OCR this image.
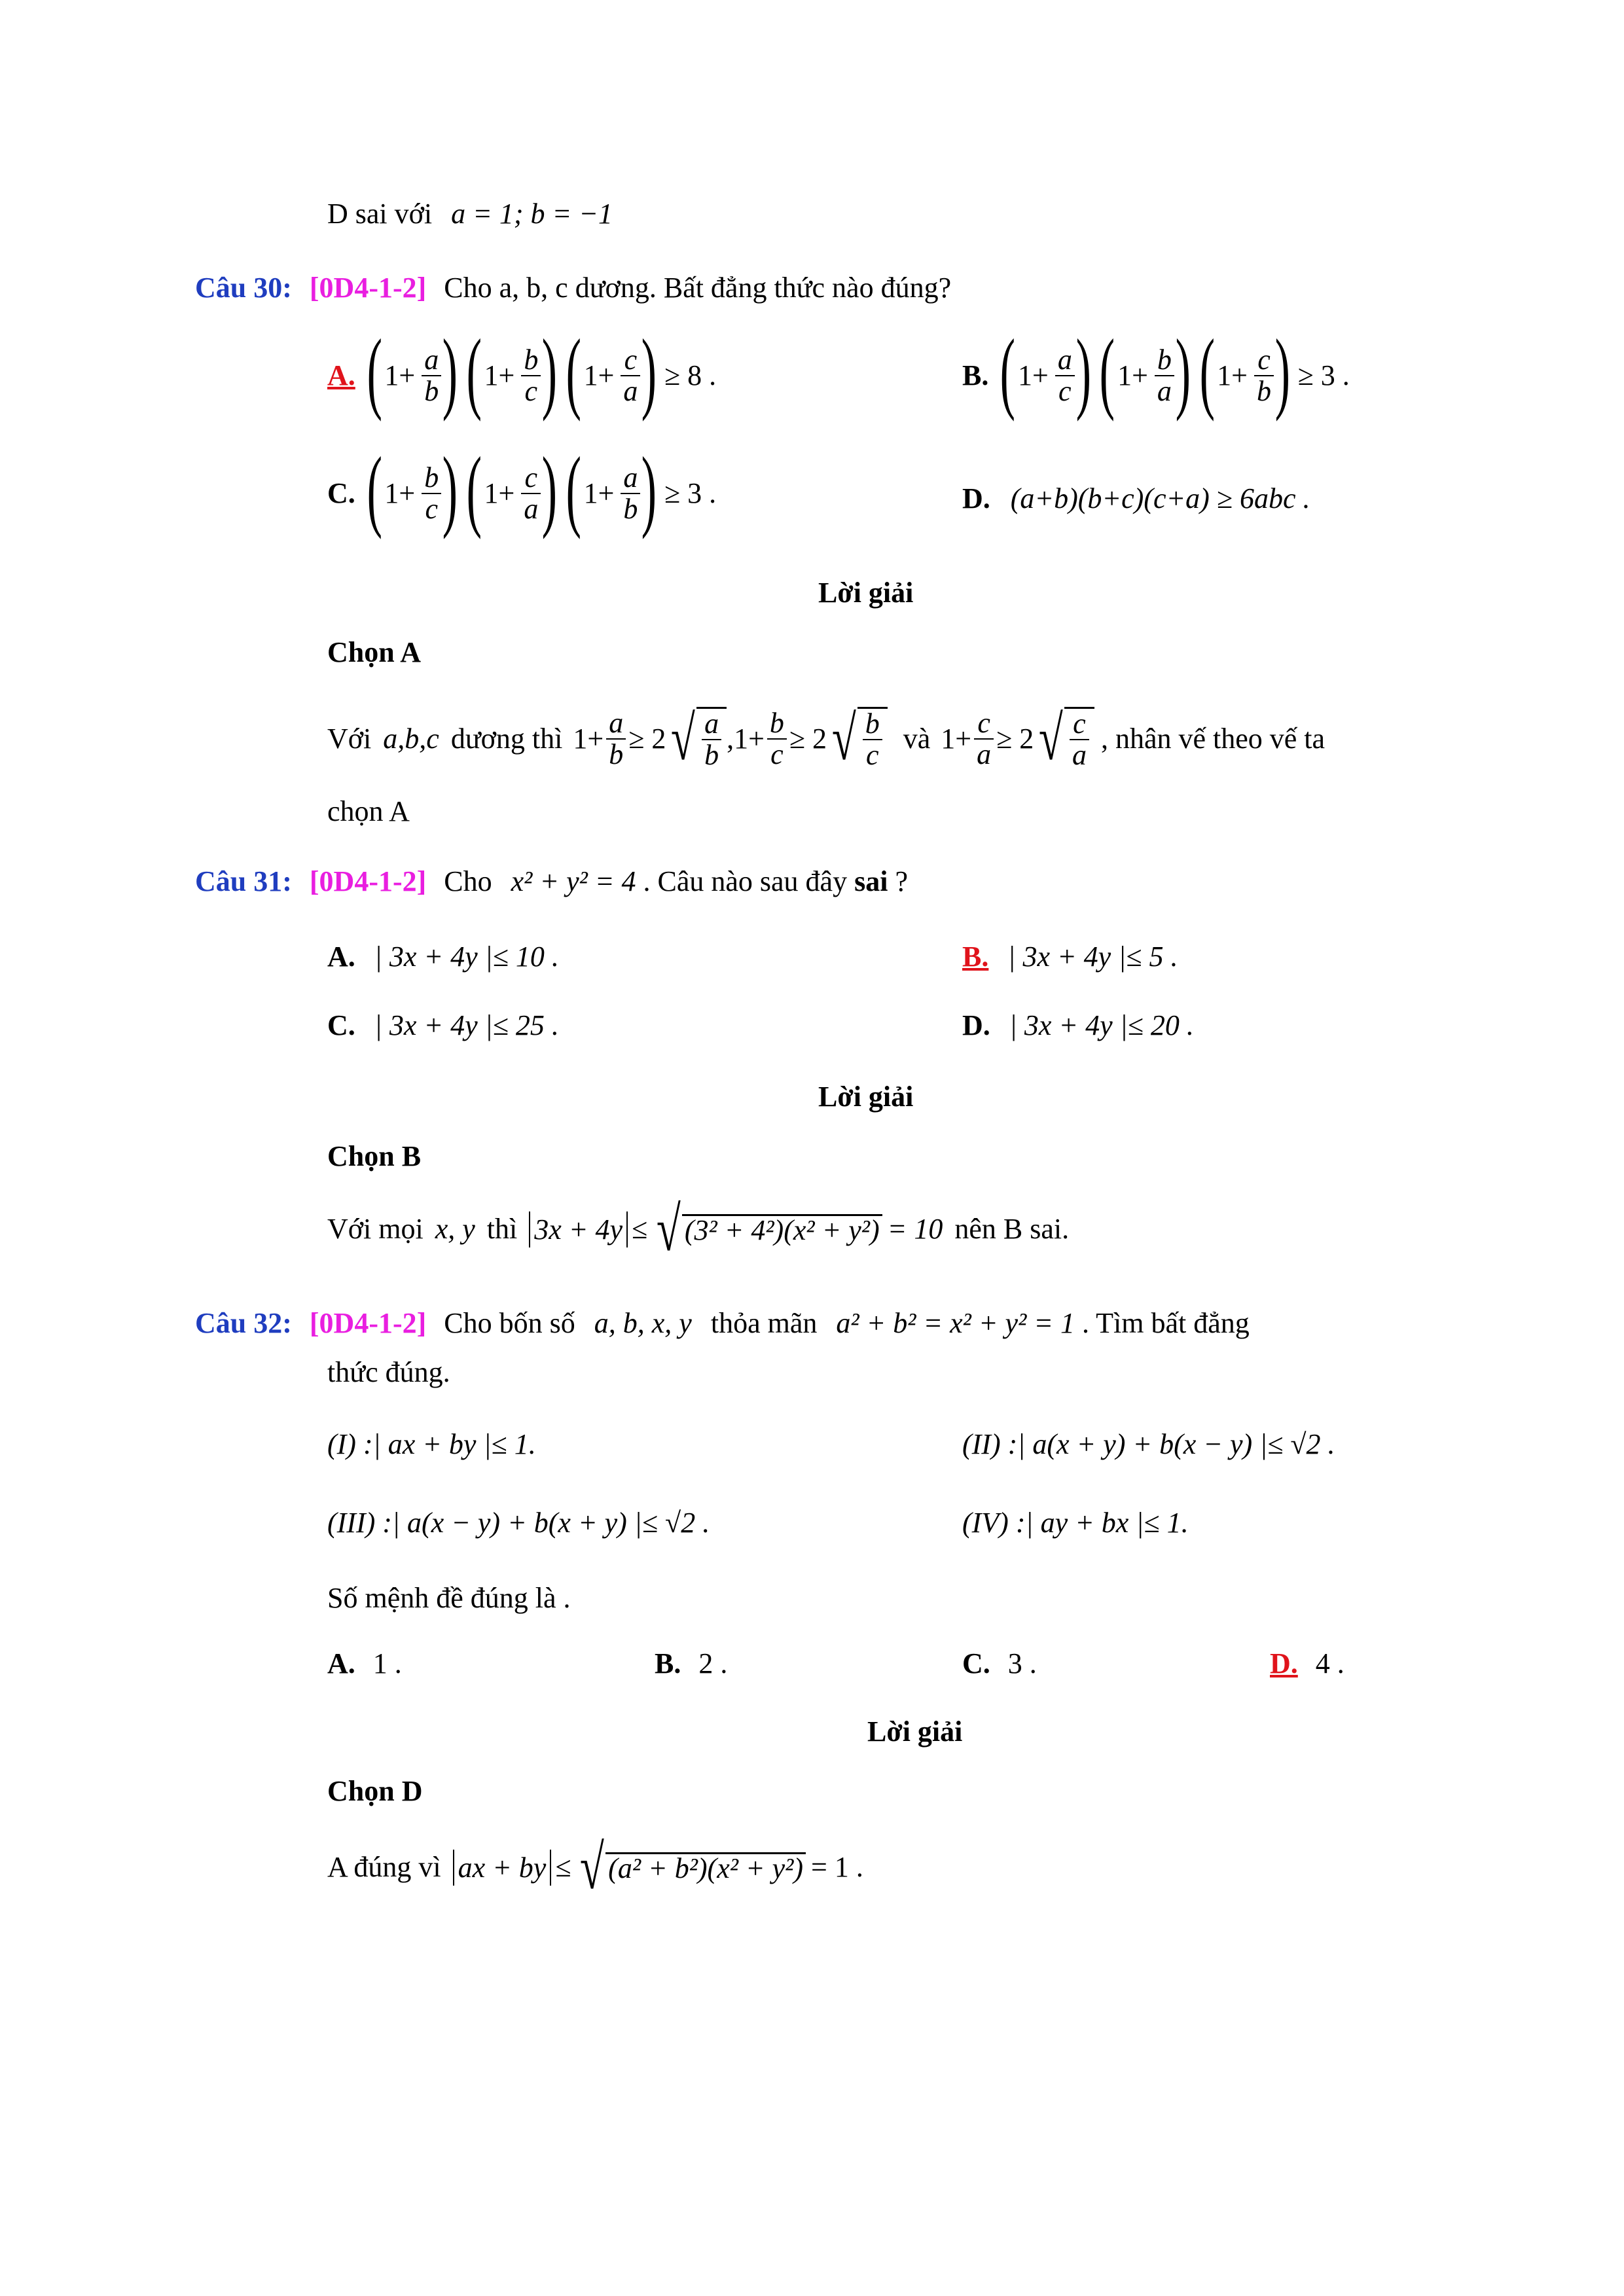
D sai với a = 1; b = −1
Câu 30: [0D4-1-2] Cho a, b, c dương. Bất đẳng thức nào đúng?
A. ( $1+ \frac{a}{b}$ ) ( $1+ \frac{b}{c}$ ) ( $1+ \frac{c}{a}$ ) ≥ 8 .	B. ( $1+ \frac{a}{c}$ ) ( $1+ \frac{b}{a}$ ) ( $1+ \frac{c}{b}$ ) ≥ 3 .
C. ( $1+ \frac{b}{c}$ ) ( $1+ \frac{c}{a}$ ) ( $1+ \frac{a}{b}$ ) ≥ 3 .	D. (a+b)(b+c)(c+a) ≥ 6abc .
Lời giải
Chọn A
Với a,b,c dương thì $1+ \frac{a}{b} \ge 2$ √ $\frac{a}{b} ,1+ \frac{b}{c} \ge 2$ √ $\frac{b}{c}$ và $1+ \frac{c}{a} \ge 2$ √ $\frac{c}{a}$ , nhân vế theo vế ta
chọn A
Câu 31: [0D4-1-2] Cho x² + y² = 4 . Câu nào sau đây sai ?
A. | 3x + 4y |≤ 10 .	B. | 3x + 4y |≤ 5 .
C. | 3x + 4y |≤ 25 .	D. | 3x + 4y |≤ 20 .
Lời giải
Chọn B
Với mọi x, y thì 3x + 4y ≤ √ (3² + 4²)(x² + y²) = 10 nên B sai.
Câu 32: [0D4-1-2] Cho bốn số a, b, x, y thỏa mãn a² + b² = x² + y² = 1 . Tìm bất đẳng
thức đúng.
(I) :| ax + by |≤ 1.	(II) :| a(x + y) + b(x − y) |≤ √2 .
(III) :| a(x − y) + b(x + y) |≤ √2 .	(IV) :| ay + bx |≤ 1.
Số mệnh đề đúng là .
A. 1 .	B. 2 .	C. 3 .	D. 4 .
Lời giải
Chọn D
A đúng vì ax + by ≤ √ (a² + b²)(x² + y²) = 1 .
